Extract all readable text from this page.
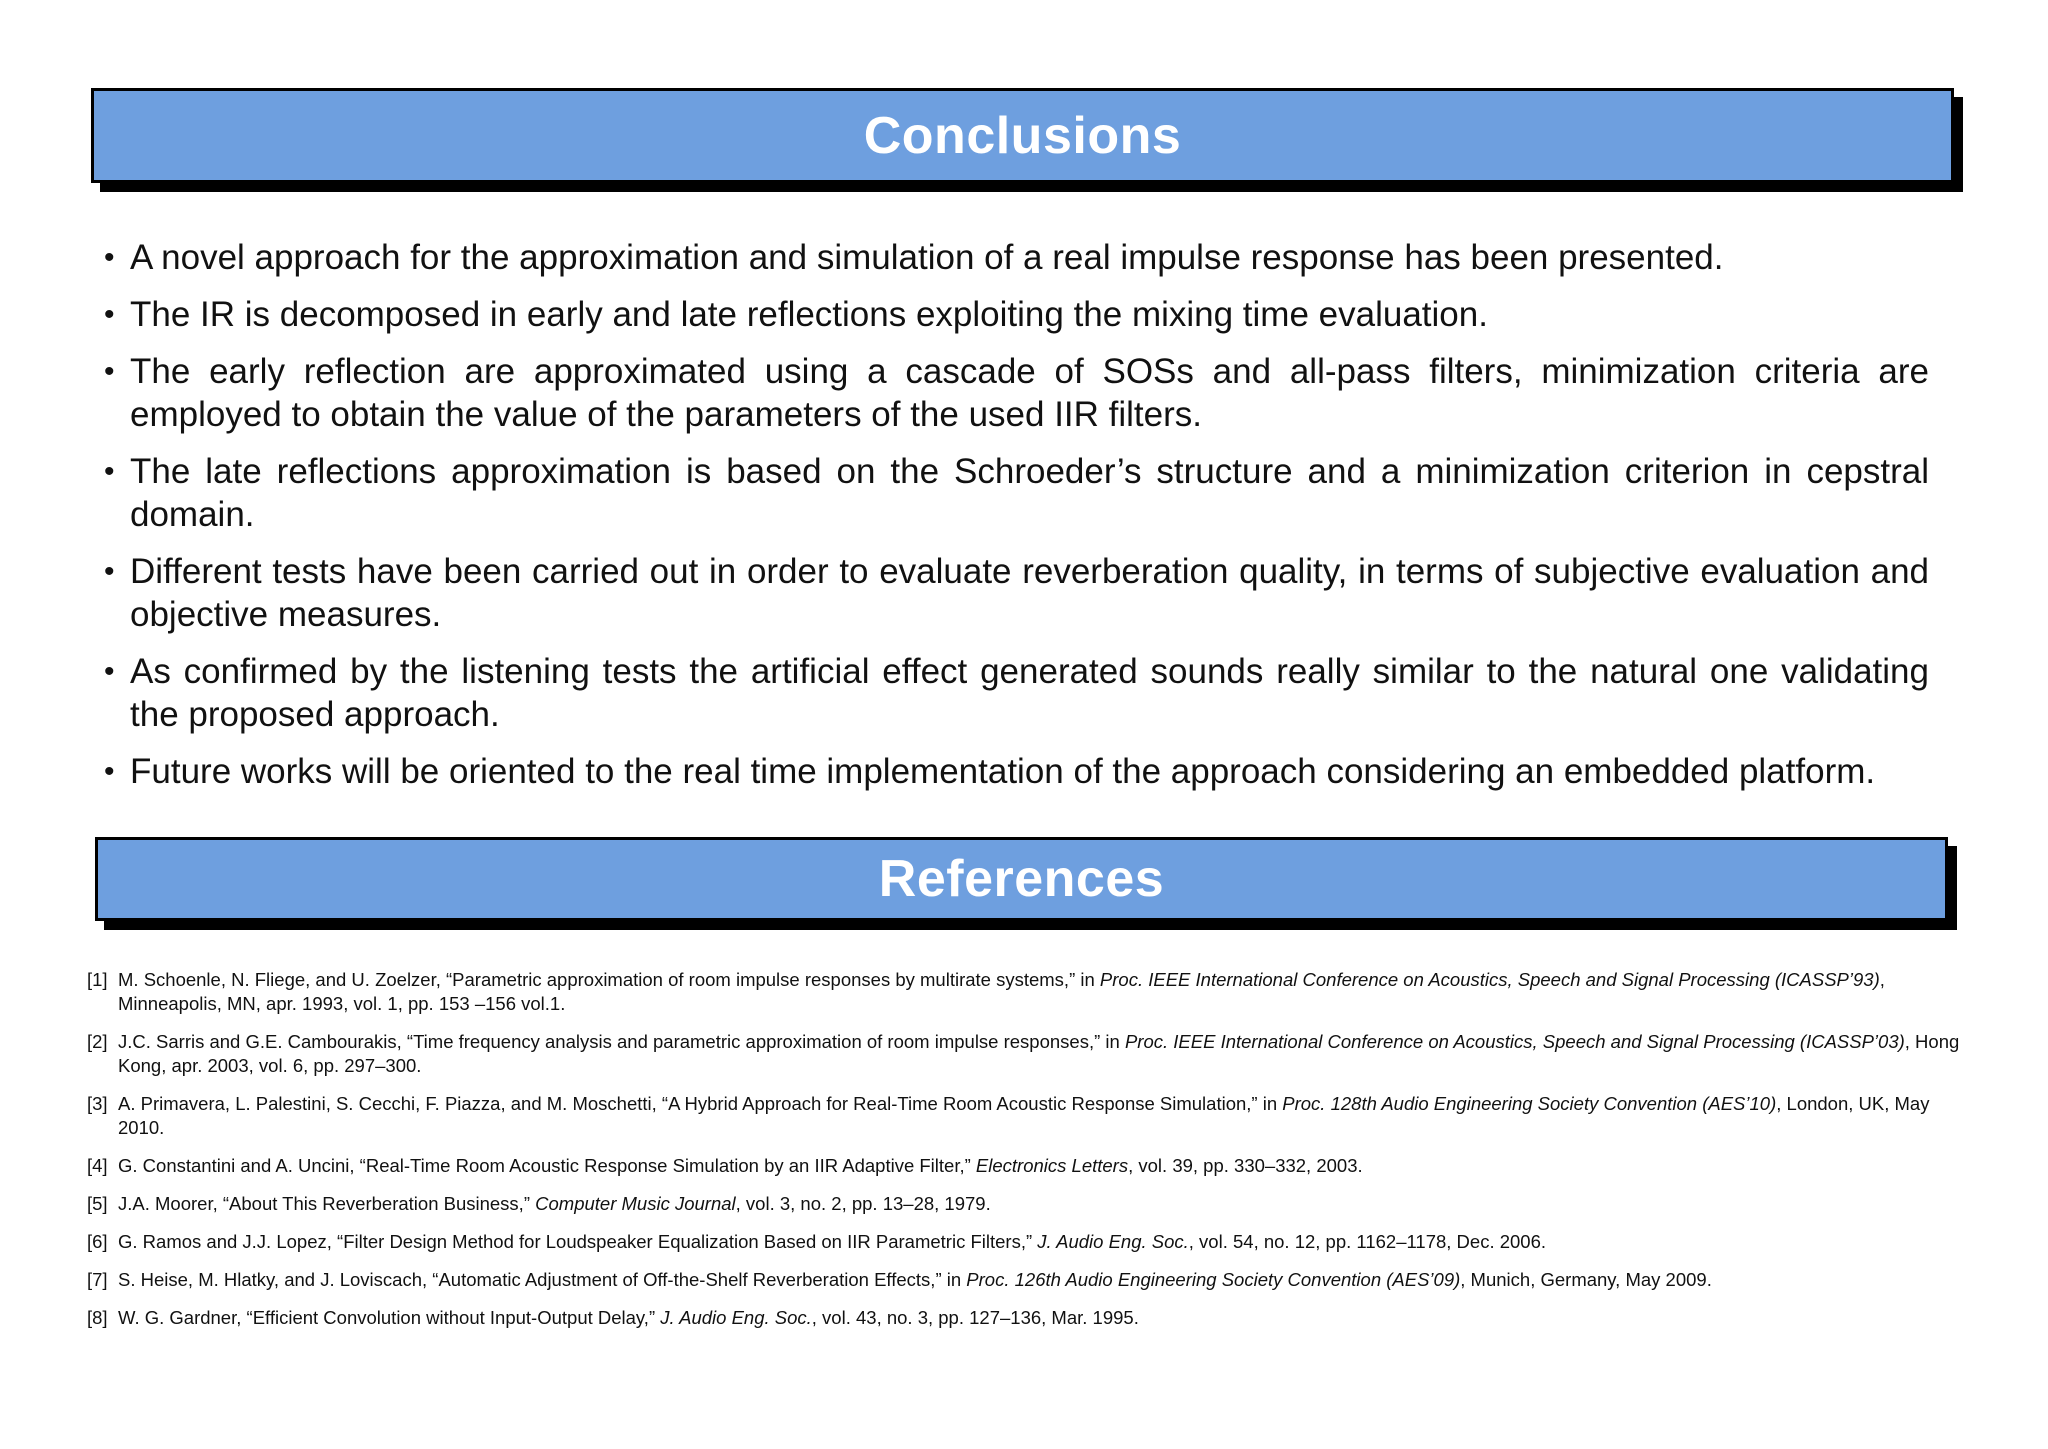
Conclusions
• A novel approach for the approximation and simulation of a real impulse response has been presented.
• The IR is decomposed in early and late reflections exploiting the mixing time evaluation.
• The early reflection are approximated using a cascade of SOSs and all-pass filters, minimization criteria are employed to obtain the value of the parameters of the used IIR filters.
• The late reflections approximation is based on the Schroeder’s structure and a minimization criterion in cepstral domain.
• Different tests have been carried out in order to evaluate reverberation quality, in terms of subjective evaluation and objective measures.
• As confirmed by the listening tests the artificial effect generated sounds really similar to the natural one validating the proposed approach.
• Future works will be oriented to the real time implementation of the approach considering an embedded platform.
References
[1] M. Schoenle, N. Fliege, and U. Zoelzer, “Parametric approximation of room impulse responses by multirate systems,” in Proc. IEEE International Conference on Acoustics, Speech and Signal Processing (ICASSP’93), Minneapolis, MN, apr. 1993, vol. 1, pp. 153 –156 vol.1.
[2] J.C. Sarris and G.E. Cambourakis, “Time frequency analysis and parametric approximation of room impulse responses,” in Proc. IEEE International Conference on Acoustics, Speech and Signal Processing (ICASSP’03), Hong Kong, apr. 2003, vol. 6, pp. 297–300.
[3] A. Primavera, L. Palestini, S. Cecchi, F. Piazza, and M. Moschetti, “A Hybrid Approach for Real-Time Room Acoustic Response Simulation,” in Proc. 128th Audio Engineering Society Convention (AES’10), London, UK, May 2010.
[4] G. Constantini and A. Uncini, “Real-Time Room Acoustic Response Simulation by an IIR Adaptive Filter,” Electronics Letters, vol. 39, pp. 330–332, 2003.
[5] J.A. Moorer, “About This Reverberation Business,” Computer Music Journal, vol. 3, no. 2, pp. 13–28, 1979.
[6] G. Ramos and J.J. Lopez, “Filter Design Method for Loudspeaker Equalization Based on IIR Parametric Filters,” J. Audio Eng. Soc., vol. 54, no. 12, pp. 1162–1178, Dec. 2006.
[7] S. Heise, M. Hlatky, and J. Loviscach, “Automatic Adjustment of Off-the-Shelf Reverberation Effects,” in Proc. 126th Audio Engineering Society Convention (AES’09), Munich, Germany, May 2009.
[8] W. G. Gardner, “Efficient Convolution without Input-Output Delay,” J. Audio Eng. Soc., vol. 43, no. 3, pp. 127–136, Mar. 1995.
